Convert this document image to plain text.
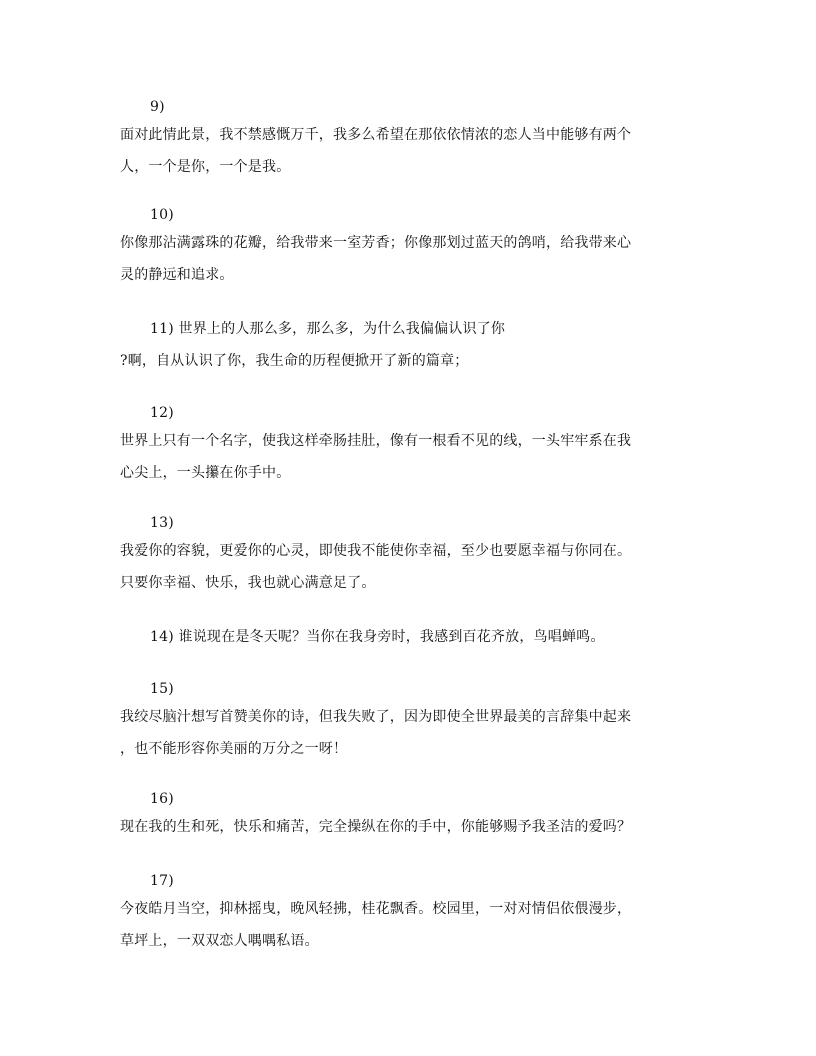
9)
面对此情此景，我不禁感慨万千，我多么希望在那依依情浓的恋人当中能够有两个
人，一个是你，一个是我。
10)
你像那沾满露珠的花瓣，给我带来一室芳香；你像那划过蓝天的鸽哨，给我带来心
灵的静远和追求。
11) 世界上的人那么多，那么多，为什么我偏偏认识了你
?啊，自从认识了你，我生命的历程便掀开了新的篇章；
12)
世界上只有一个名字，使我这样牵肠挂肚，像有一根看不见的线，一头牢牢系在我
心尖上，一头攥在你手中。
13)
我爱你的容貌，更爱你的心灵，即使我不能使你幸福，至少也要愿幸福与你同在。
只要你幸福、快乐，我也就心满意足了。
14) 谁说现在是冬天呢？当你在我身旁时，我感到百花齐放，鸟唱蝉鸣。
15)
我绞尽脑汁想写首赞美你的诗，但我失败了，因为即使全世界最美的言辞集中起来
，也不能形容你美丽的万分之一呀！
16)
现在我的生和死，快乐和痛苦，完全操纵在你的手中，你能够赐予我圣洁的爱吗？
17)
今夜皓月当空，抑林摇曳，晚风轻拂，桂花飘香。校园里，一对对情侣依偎漫步，
草坪上，一双双恋人喁喁私语。
